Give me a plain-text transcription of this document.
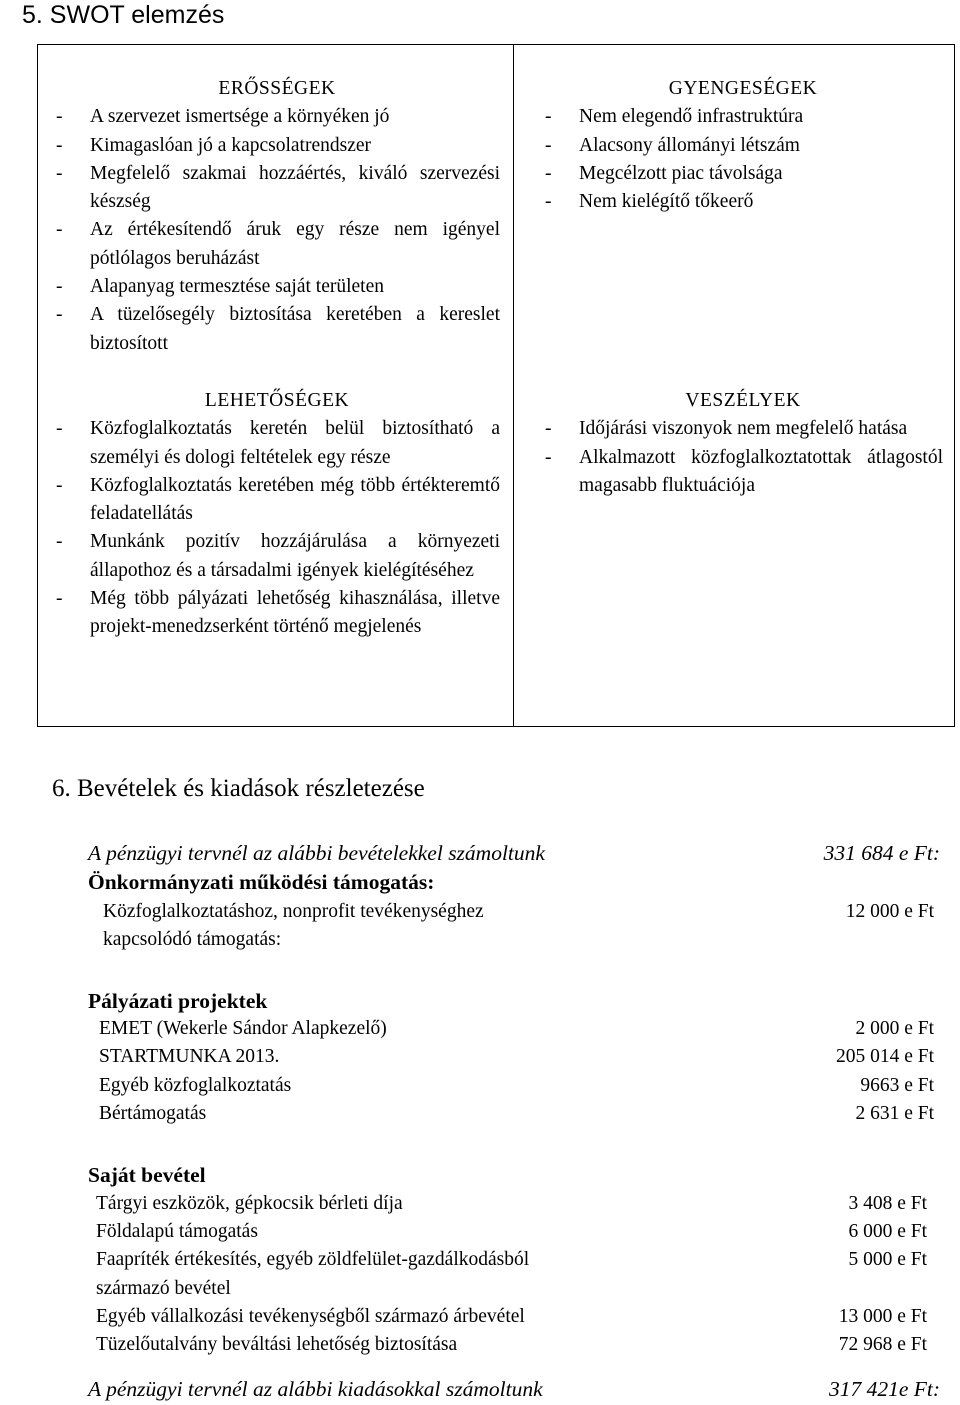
5. SWOT elemzés
ERŐSSÉGEK
-	A szervezet ismertsége a környéken jó
-	Kimagaslóan jó a kapcsolatrendszer
-	Megfelelő szakmai hozzáértés, kiváló szervezési készség
-	Az értékesítendő áruk egy része nem igényel pótlólagos beruházást
-	Alapanyag termesztése saját területen
-	A tüzelősegély biztosítása keretében a kereslet biztosított
GYENGESÉGEK
-	Nem elegendő infrastruktúra
-	Alacsony állományi létszám
-	Megcélzott piac távolsága
-	Nem kielégítő tőkeerő
LEHETŐSÉGEK
-	Közfoglalkoztatás keretén belül biztosítható a személyi és dologi feltételek egy része
-	Közfoglalkoztatás keretében még több értékteremtő feladatellátás
-	Munkánk pozitív hozzájárulása a környezeti állapothoz és a társadalmi igények kielégítéséhez
-	Még több pályázati lehetőség kihasználása, illetve projekt-menedzserként történő megjelenés
VESZÉLYEK
-	Időjárási viszonyok nem megfelelő hatása
-	Alkalmazott közfoglalkoztatottak átlagostól magasabb fluktuációja
6. Bevételek és kiadások részletezése
A pénzügyi tervnél az alábbi bevételekkel számoltunk	331 684 e Ft:
Önkormányzati működési támogatás:
Közfoglalkoztatáshoz, nonprofit tevékenységhez
kapcsolódó támogatás:
12 000 e Ft
Pályázati projektek
EMET (Wekerle Sándor Alapkezelő)	2 000 e Ft
STARTMUNKA 2013.	205 014 e Ft
Egyéb közfoglalkoztatás	9663 e Ft
Bértámogatás	2 631 e Ft
Saját bevétel
Tárgyi eszközök, gépkocsik bérleti díja	3 408 e Ft
Földalapú támogatás	6 000 e Ft
Faapríték értékesítés, egyéb zöldfelület-gazdálkodásból
származó bevétel
5 000 e Ft
Egyéb vállalkozási tevékenységből származó árbevétel	13 000 e Ft
Tüzelőutalvány beváltási lehetőség biztosítása	72 968 e Ft
A pénzügyi tervnél az alábbi kiadásokkal számoltunk	317 421e Ft:
